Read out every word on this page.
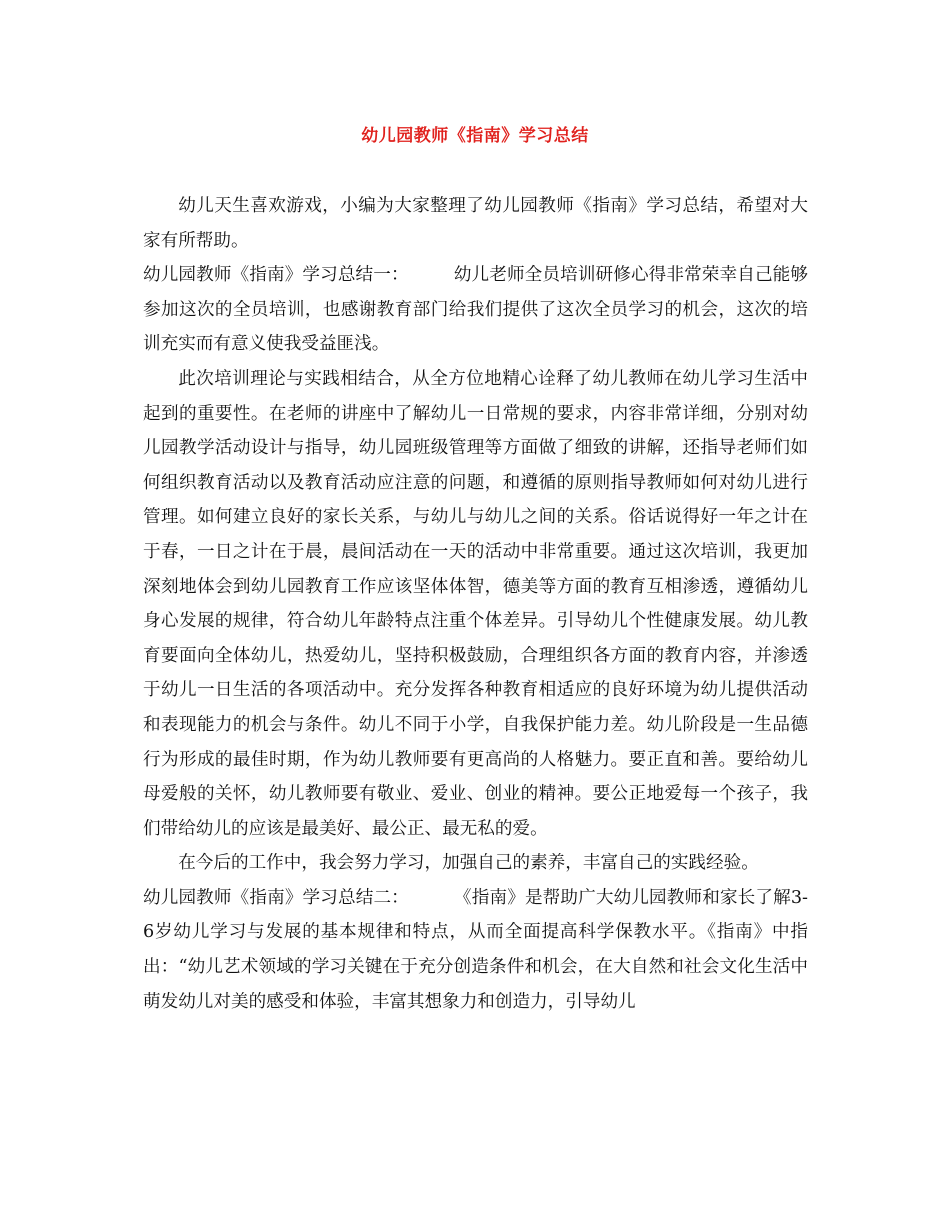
幼儿园教师《指南》学习总结

幼儿天生喜欢游戏，小编为大家整理了幼儿园教师《指南》学习总结，希望对大家有所帮助。

幼儿园教师《指南》学习总结一：	幼儿老师全员培训研修心得非常荣幸自己能够参加这次的全员培训，也感谢教育部门给我们提供了这次全员学习的机会，这次的培训充实而有意义使我受益匪浅。

此次培训理论与实践相结合，从全方位地精心诠释了幼儿教师在幼儿学习生活中起到的重要性。在老师的讲座中了解幼儿一日常规的要求，内容非常详细，分别对幼儿园教学活动设计与指导，幼儿园班级管理等方面做了细致的讲解，还指导老师们如何组织教育活动以及教育活动应注意的问题，和遵循的原则指导教师如何对幼儿进行管理。如何建立良好的家长关系，与幼儿与幼儿之间的关系。俗话说得好一年之计在于春，一日之计在于晨，晨间活动在一天的活动中非常重要。通过这次培训，我更加深刻地体会到幼儿园教育工作应该坚体体智，德美等方面的教育互相渗透，遵循幼儿身心发展的规律，符合幼儿年龄特点注重个体差异。引导幼儿个性健康发展。幼儿教育要面向全体幼儿，热爱幼儿，坚持积极鼓励，合理组织各方面的教育内容，并渗透于幼儿一日生活的各项活动中。充分发挥各种教育相适应的良好环境为幼儿提供活动和表现能力的机会与条件。幼儿不同于小学，自我保护能力差。幼儿阶段是一生品德行为形成的最佳时期，作为幼儿教师要有更高尚的人格魅力。要正直和善。要给幼儿母爱般的关怀，幼儿教师要有敬业、爱业、创业的精神。要公正地爱每一个孩子，我们带给幼儿的应该是最美好、最公正、最无私的爱。

在今后的工作中，我会努力学习，加强自己的素养，丰富自己的实践经验。

幼儿园教师《指南》学习总结二：	《指南》是帮助广大幼儿园教师和家长了解3-6岁幼儿学习与发展的基本规律和特点，从而全面提高科学保教水平。《指南》中指出：“幼儿艺术领域的学习关键在于充分创造条件和机会，在大自然和社会文化生活中萌发幼儿对美的感受和体验，丰富其想象力和创造力，引导幼儿
